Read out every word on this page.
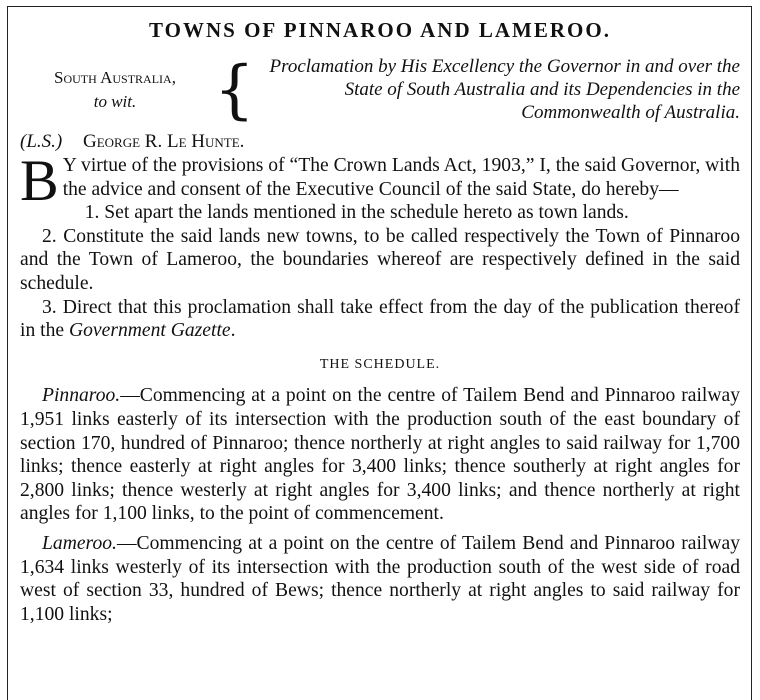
TOWNS OF PINNAROO AND LAMEROO.
South Australia,
to wit.	{ Proclamation by His Excellency the Governor in and over the State of South Australia and its Dependencies in the Commonwealth of Australia.
(L.S.) George R. Le Hunte.

B Y virtue of the provisions of “The Crown Lands Act, 1903,” I, the said Governor, with the advice and consent of the Executive Council of the said State, do hereby—

1. Set apart the lands mentioned in the schedule hereto as town lands.

2. Constitute the said lands new towns, to be called respectively the Town of Pinnaroo and the Town of Lameroo, the boundaries whereof are respectively defined in the said schedule.

3. Direct that this proclamation shall take effect from the day of the publication thereof in the Government Gazette.

THE SCHEDULE.

Pinnaroo.—Commencing at a point on the centre of Tailem Bend and Pinnaroo railway 1,951 links easterly of its intersection with the production south of the east boundary of section 170, hundred of Pinnaroo; thence northerly at right angles to said railway for 1,700 links; thence easterly at right angles for 3,400 links; thence southerly at right angles for 2,800 links; thence westerly at right angles for 3,400 links; and thence northerly at right angles for 1,100 links, to the point of commencement.

Lameroo.—Commencing at a point on the centre of Tailem Bend and Pinnaroo railway 1,634 links westerly of its intersection with the production south of the west side of road west of section 33, hundred of Bews; thence northerly at right angles to said railway for 1,100 links;
